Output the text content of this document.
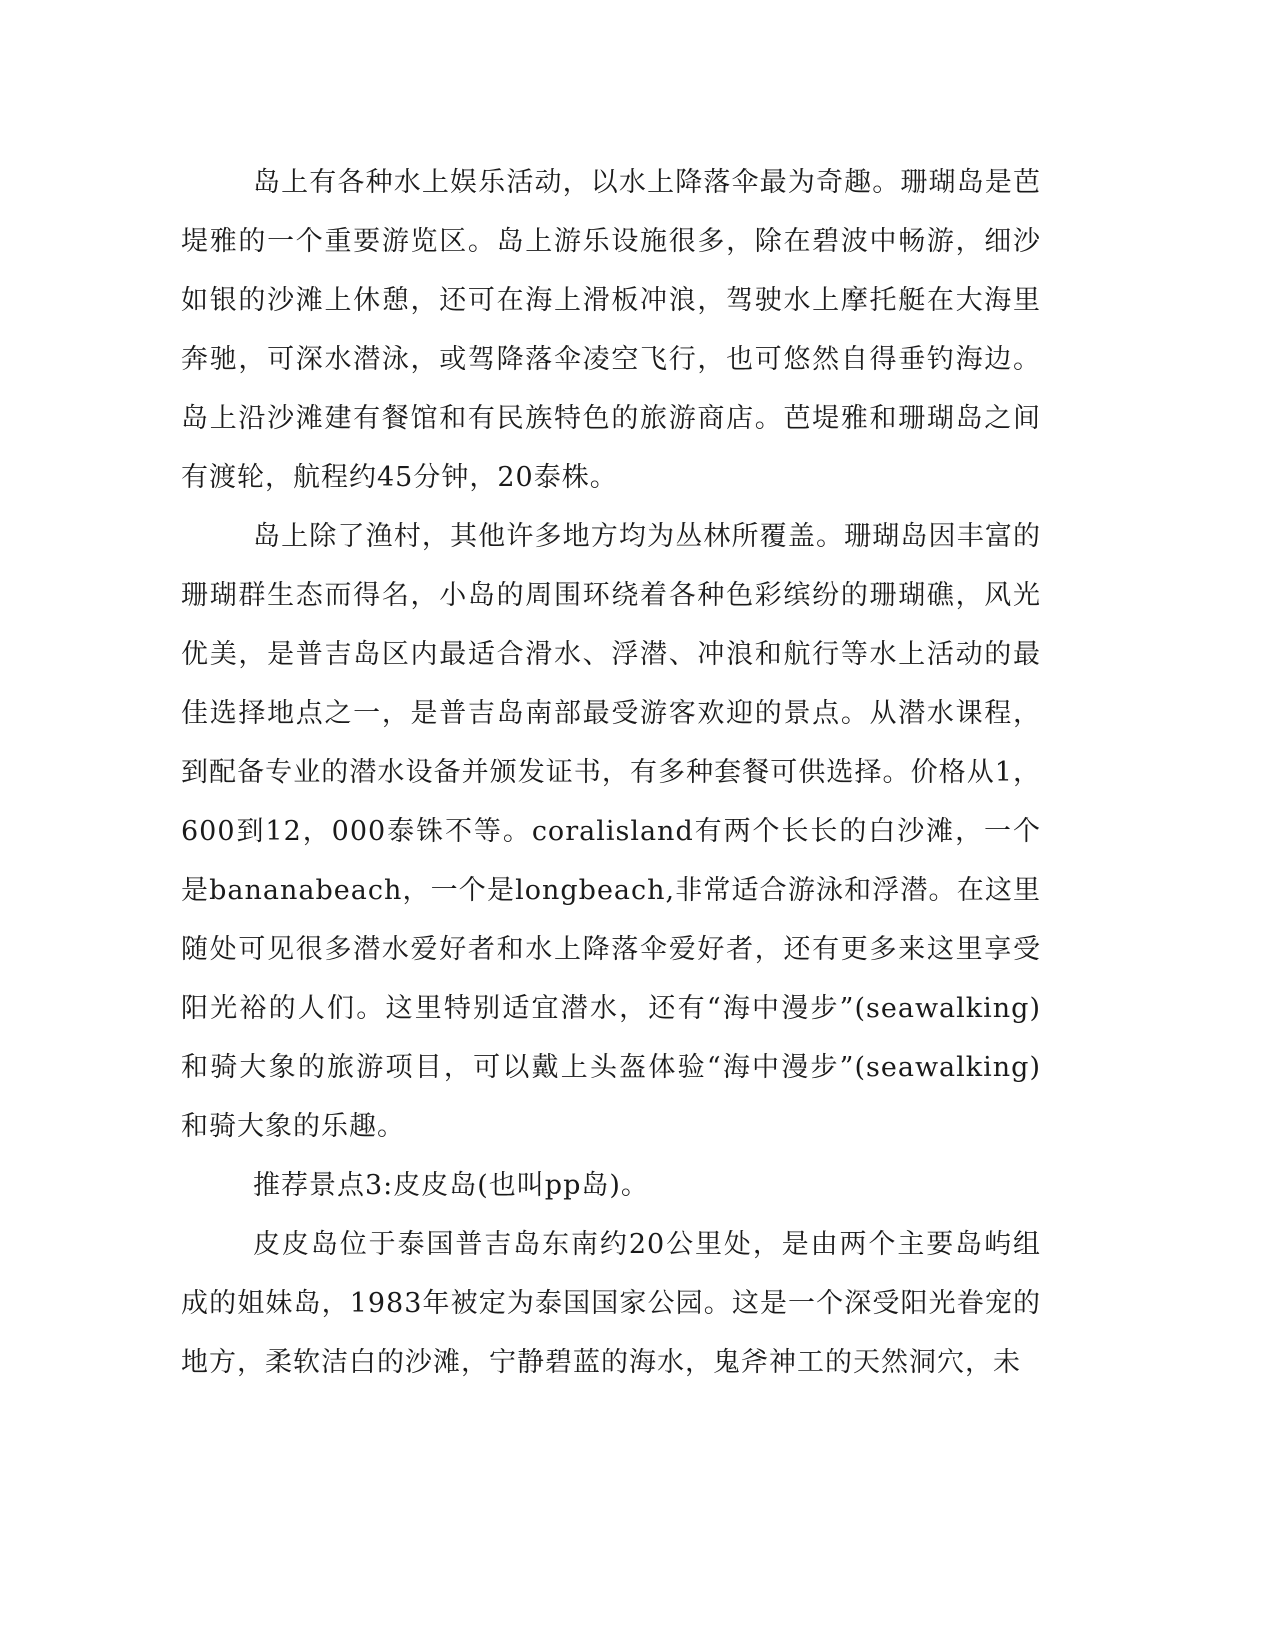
岛上有各种水上娱乐活动，以水上降落伞最为奇趣。珊瑚岛是芭堤雅的一个重要游览区。岛上游乐设施很多，除在碧波中畅游，细沙如银的沙滩上休憩，还可在海上滑板冲浪，驾驶水上摩托艇在大海里奔驰，可深水潜泳，或驾降落伞凌空飞行，也可悠然自得垂钓海边。岛上沿沙滩建有餐馆和有民族特色的旅游商店。芭堤雅和珊瑚岛之间有渡轮，航程约45分钟，20泰株。

岛上除了渔村，其他许多地方均为丛林所覆盖。珊瑚岛因丰富的珊瑚群生态而得名，小岛的周围环绕着各种色彩缤纷的珊瑚礁，风光优美，是普吉岛区内最适合滑水、浮潜、冲浪和航行等水上活动的最佳选择地点之一，是普吉岛南部最受游客欢迎的景点。从潜水课程，到配备专业的潜水设备并颁发证书，有多种套餐可供选择。价格从1，600到12，000泰铢不等。coralisland有两个长长的白沙滩，一个是bananabeach，一个是longbeach,非常适合游泳和浮潜。在这里随处可见很多潜水爱好者和水上降落伞爱好者，还有更多来这里享受阳光裕的人们。这里特别适宜潜水，还有“海中漫步”(seawalking)和骑大象的旅游项目，可以戴上头盔体验“海中漫步”(seawalking)和骑大象的乐趣。

推荐景点3:皮皮岛(也叫pp岛)。

皮皮岛位于泰国普吉岛东南约20公里处，是由两个主要岛屿组成的姐妹岛，1983年被定为泰国国家公园。这是一个深受阳光眷宠的地方，柔软洁白的沙滩，宁静碧蓝的海水，鬼斧神工的天然洞穴，未
